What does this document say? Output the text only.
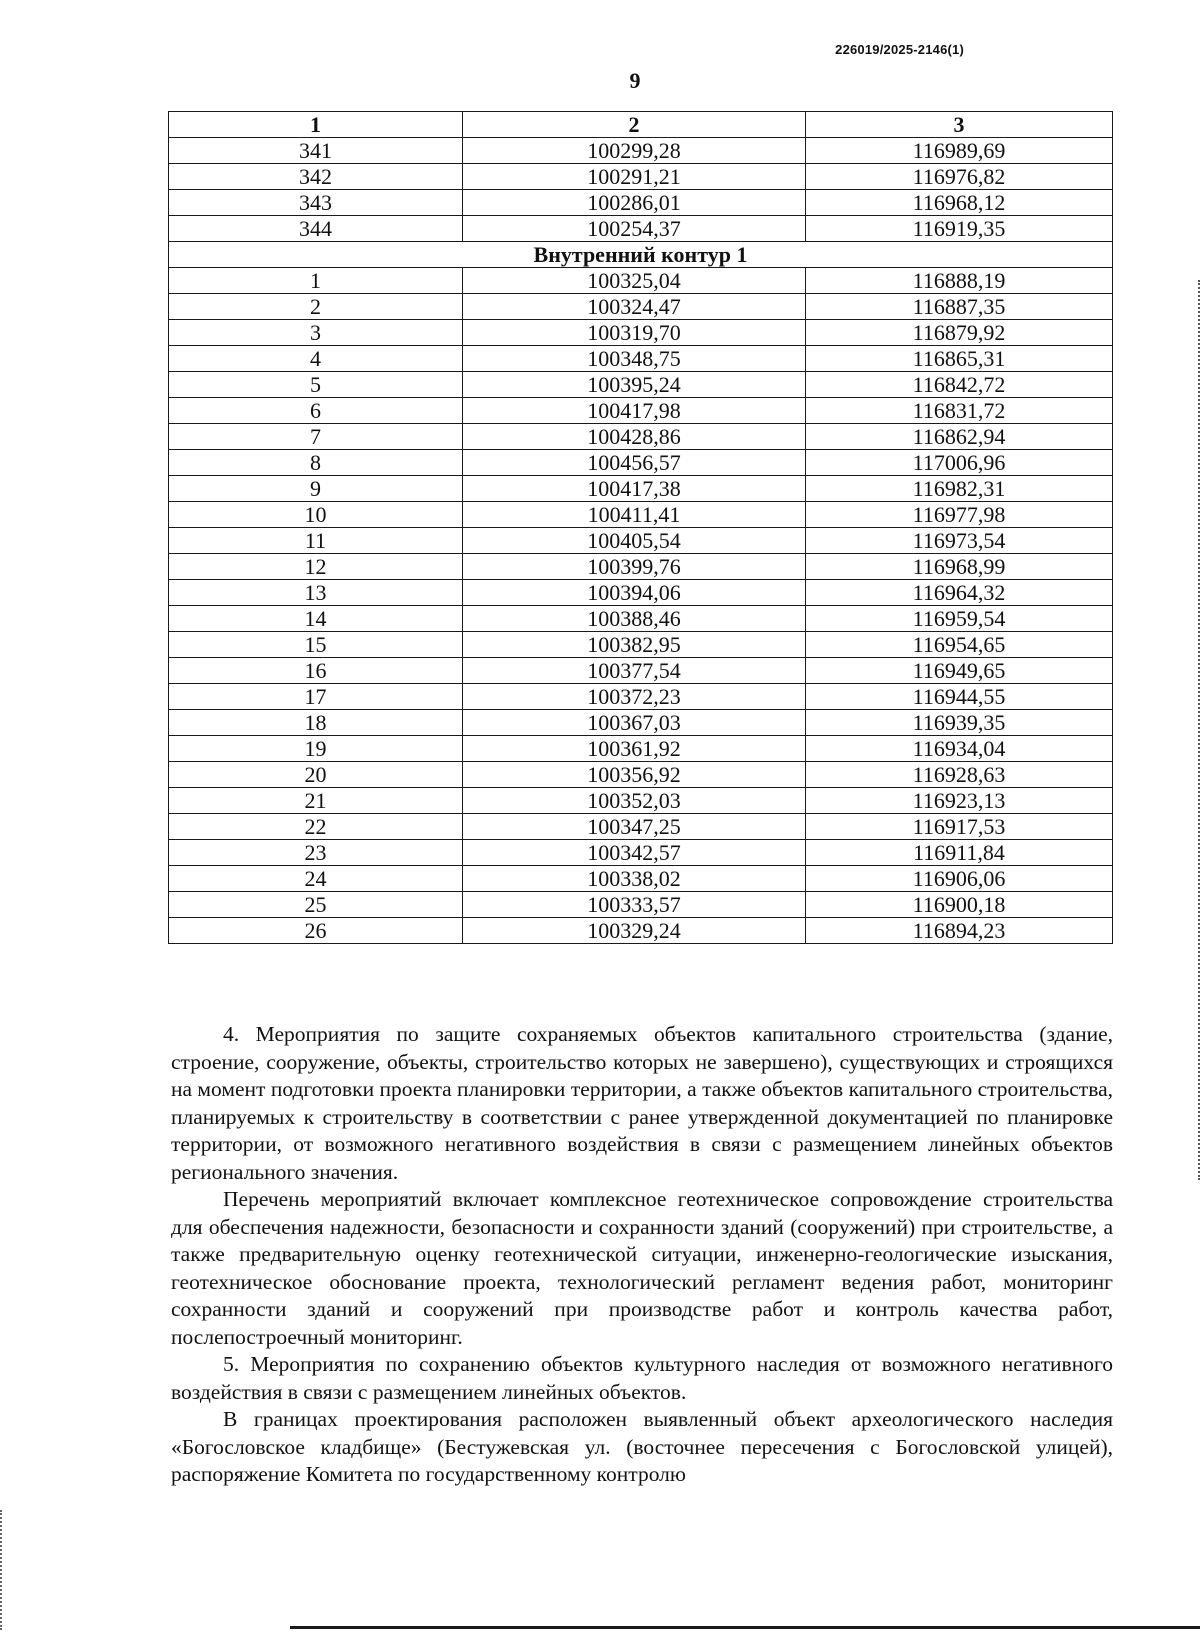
226019/2025-2146(1)
9
1	2	3
341	100299,28	116989,69
342	100291,21	116976,82
343	100286,01	116968,12
344	100254,37	116919,35
Внутренний контур 1		
1	100325,04	116888,19
2	100324,47	116887,35
3	100319,70	116879,92
4	100348,75	116865,31
5	100395,24	116842,72
6	100417,98	116831,72
7	100428,86	116862,94
8	100456,57	117006,96
9	100417,38	116982,31
10	100411,41	116977,98
11	100405,54	116973,54
12	100399,76	116968,99
13	100394,06	116964,32
14	100388,46	116959,54
15	100382,95	116954,65
16	100377,54	116949,65
17	100372,23	116944,55
18	100367,03	116939,35
19	100361,92	116934,04
20	100356,92	116928,63
21	100352,03	116923,13
22	100347,25	116917,53
23	100342,57	116911,84
24	100338,02	116906,06
25	100333,57	116900,18
26	100329,24	116894,23

4. Мероприятия по защите сохраняемых объектов капитального строительства (здание, строение, сооружение, объекты, строительство которых не завершено), существующих и строящихся на момент подготовки проекта планировки территории, а также объектов капитального строительства, планируемых к строительству в соответствии с ранее утвержденной документацией по планировке территории, от возможного негативного воздействия в связи с размещением линейных объектов регионального значения.

Перечень мероприятий включает комплексное геотехническое сопровождение строительства для обеспечения надежности, безопасности и сохранности зданий (сооружений) при строительстве, а также предварительную оценку геотехнической ситуации, инженерно-геологические изыскания, геотехническое обоснование проекта, технологический регламент ведения работ, мониторинг сохранности зданий и сооружений при производстве работ и контроль качества работ, послепостроечный мониторинг.

5. Мероприятия по сохранению объектов культурного наследия от возможного негативного воздействия в связи с размещением линейных объектов.

В границах проектирования расположен выявленный объект археологического наследия «Богословское кладбище» (Бестужевская ул. (восточнее пересечения с Богословской улицей), распоряжение Комитета по государственному контролю
